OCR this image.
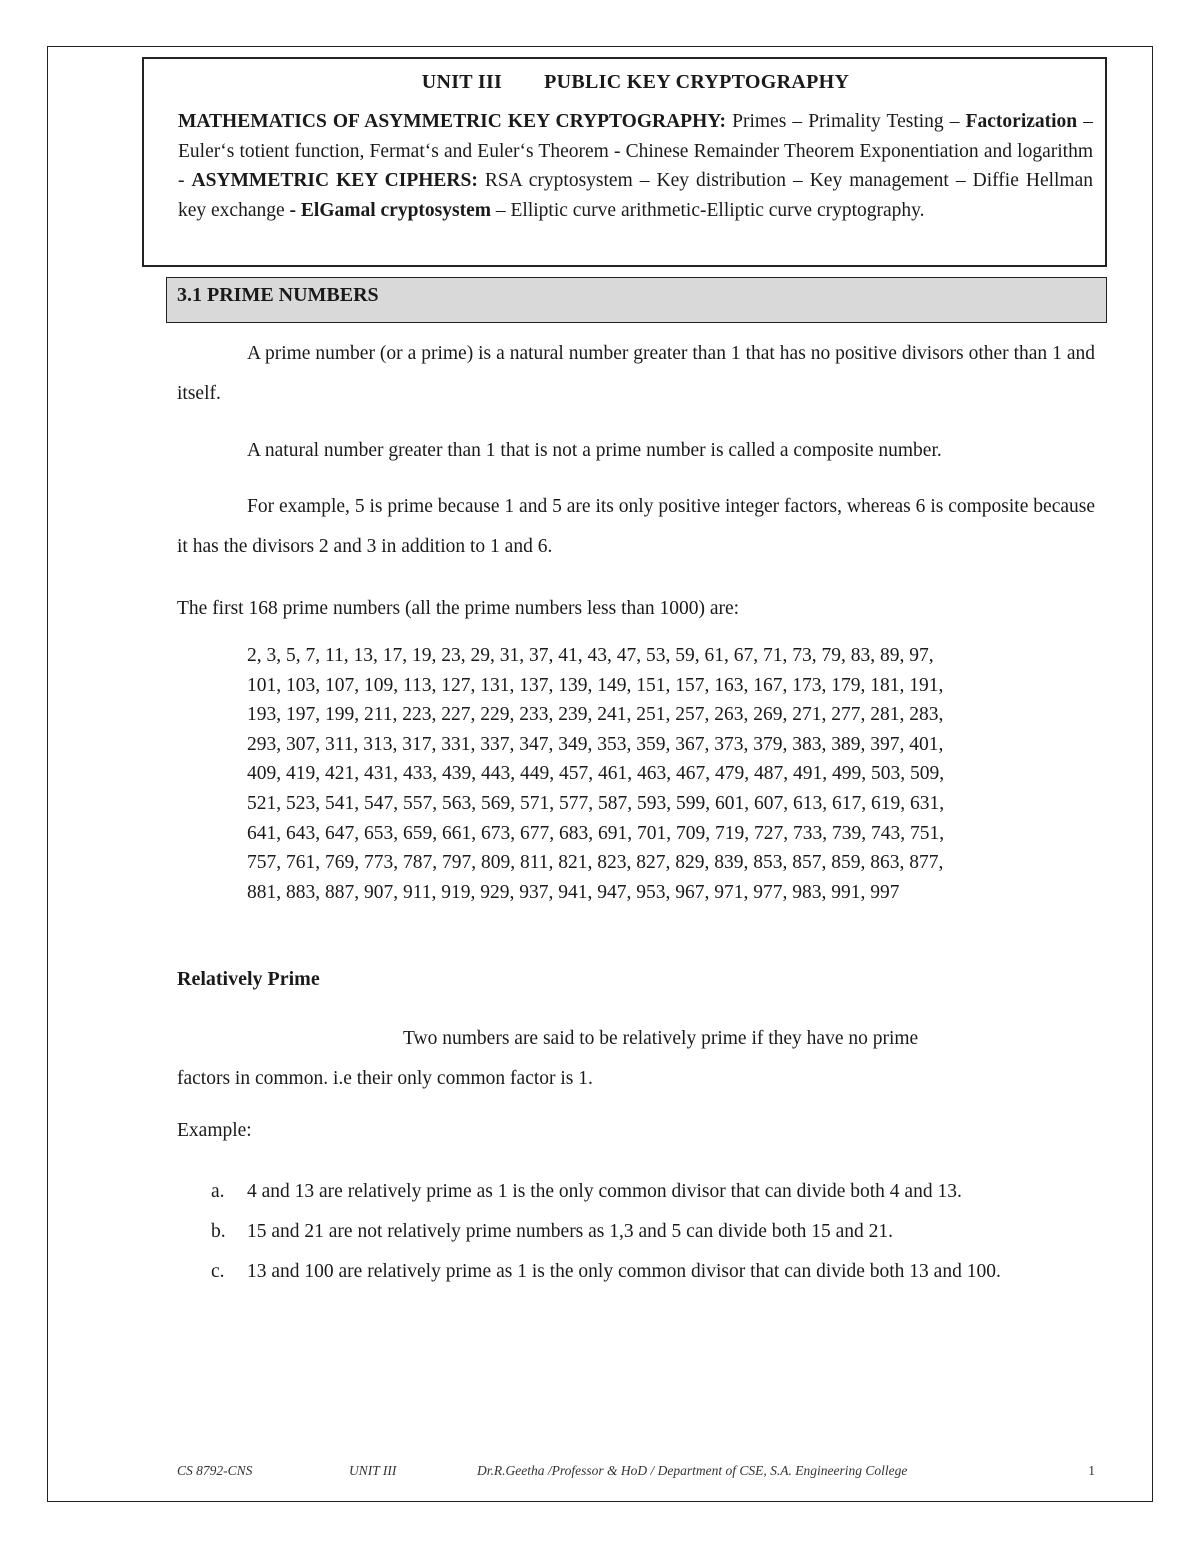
UNIT III PUBLIC KEY CRYPTOGRAPHY

MATHEMATICS OF ASYMMETRIC KEY CRYPTOGRAPHY: Primes – Primality Testing – Factorization – Euler‘s totient function, Fermat‘s and Euler‘s Theorem - Chinese Remainder Theorem Exponentiation and logarithm - ASYMMETRIC KEY CIPHERS: RSA cryptosystem – Key distribution – Key management – Diffie Hellman key exchange - ElGamal cryptosystem – Elliptic curve arithmetic-Elliptic curve cryptography.

3.1 PRIME NUMBERS

A prime number (or a prime) is a natural number greater than 1 that has no positive divisors other than 1 and itself.

A natural number greater than 1 that is not a prime number is called a composite number.

For example, 5 is prime because 1 and 5 are its only positive integer factors, whereas 6 is composite because it has the divisors 2 and 3 in addition to 1 and 6.

The first 168 prime numbers (all the prime numbers less than 1000) are:

2, 3, 5, 7, 11, 13, 17, 19, 23, 29, 31, 37, 41, 43, 47, 53, 59, 61, 67, 71, 73, 79, 83, 89, 97,
101, 103, 107, 109, 113, 127, 131, 137, 139, 149, 151, 157, 163, 167, 173, 179, 181, 191,
193, 197, 199, 211, 223, 227, 229, 233, 239, 241, 251, 257, 263, 269, 271, 277, 281, 283,
293, 307, 311, 313, 317, 331, 337, 347, 349, 353, 359, 367, 373, 379, 383, 389, 397, 401,
409, 419, 421, 431, 433, 439, 443, 449, 457, 461, 463, 467, 479, 487, 491, 499, 503, 509,
521, 523, 541, 547, 557, 563, 569, 571, 577, 587, 593, 599, 601, 607, 613, 617, 619, 631,
641, 643, 647, 653, 659, 661, 673, 677, 683, 691, 701, 709, 719, 727, 733, 739, 743, 751,
757, 761, 769, 773, 787, 797, 809, 811, 821, 823, 827, 829, 839, 853, 857, 859, 863, 877,
881, 883, 887, 907, 911, 919, 929, 937, 941, 947, 953, 967, 971, 977, 983, 991, 997

Relatively Prime

Two numbers are said to be relatively prime if they have no prime
factors in common. i.e their only common factor is 1.

Example:

a. 4 and 13 are relatively prime as 1 is the only common divisor that can divide both 4 and 13.
b. 15 and 21 are not relatively prime numbers as 1,3 and 5 can divide both 15 and 21.
c. 13 and 100 are relatively prime as 1 is the only common divisor that can divide both 13 and 100.
CS 8792-CNS	UNIT III	Dr.R.Geetha /Professor & HoD / Department of CSE, S.A. Engineering College	1
